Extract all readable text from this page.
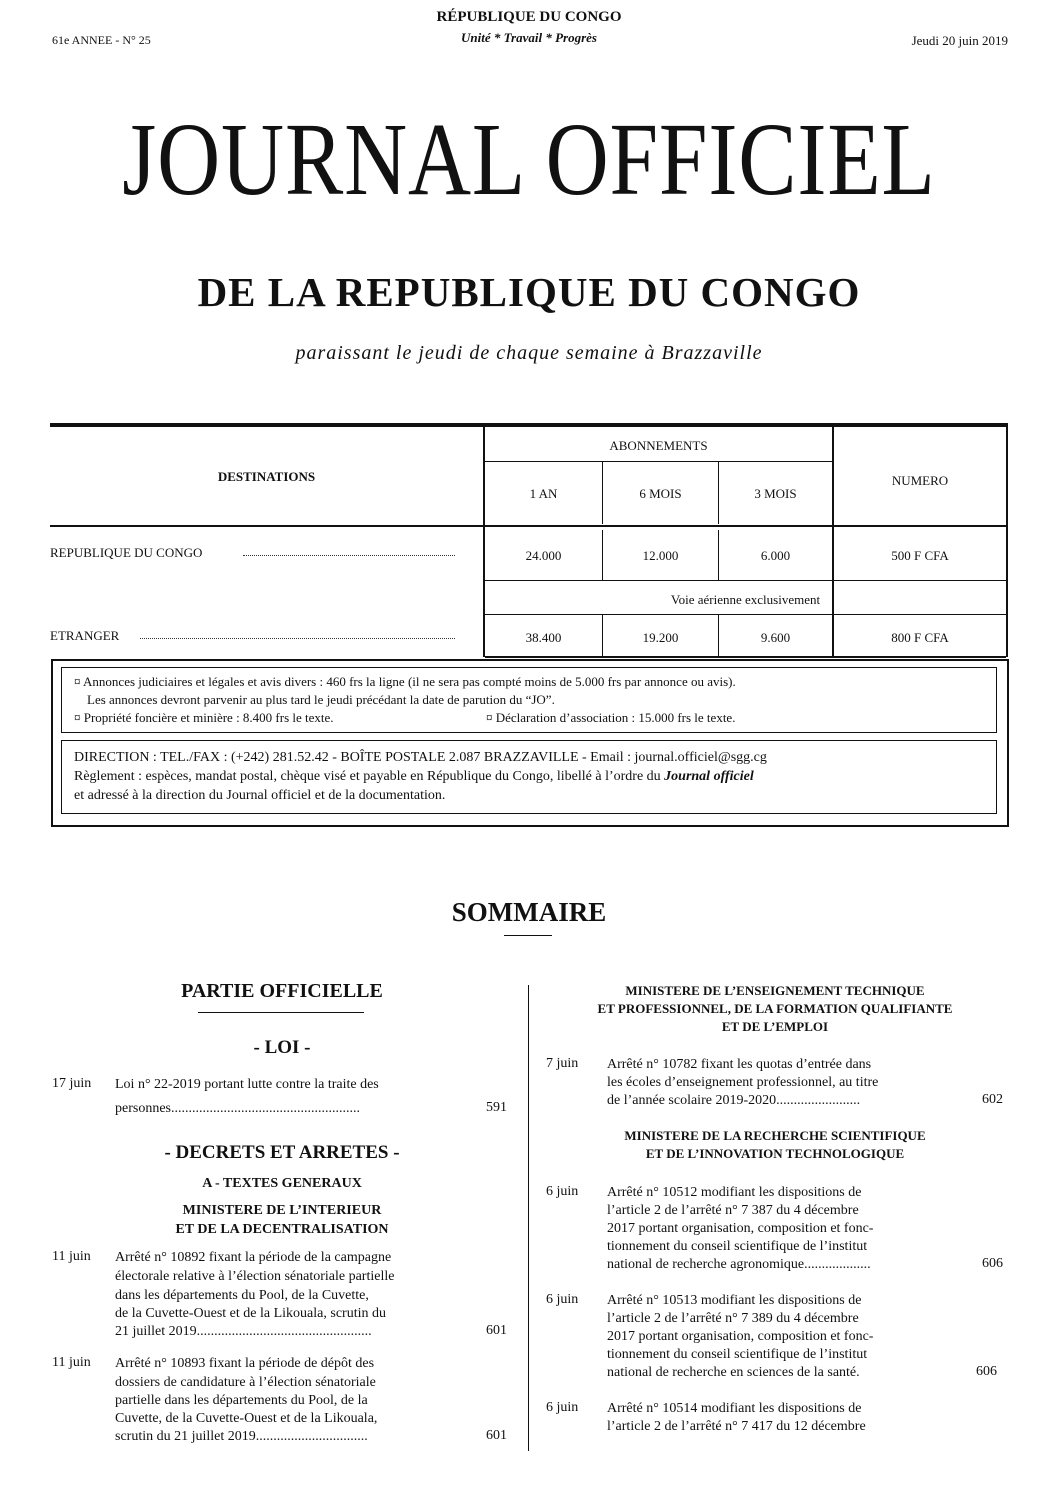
61e ANNEE - N° 25
RÉPUBLIQUE DU CONGO
Unité * Travail * Progrès	Jeudi 20 juin 2019
JOURNAL OFFICIEL
DE LA REPUBLIQUE DU CONGO
paraissant le jeudi de chaque semaine à Brazzaville
DESTINATIONS
ABONNEMENTS
NUMERO
1 AN	6 MOIS	3 MOIS
REPUBLIQUE DU CONGO	24.000	12.000	6.000	500 F CFA
Voie aérienne exclusivement
ETRANGER	38.400	19.200	9.600	800 F CFA
¤ Annonces judiciaires et légales et avis divers : 460 frs la ligne (il ne sera pas compté moins de 5.000 frs par annonce ou avis).
Les annonces devront parvenir au plus tard le jeudi précédant la date de parution du “JO”.
¤ Propriété foncière et minière : 8.400 frs le texte.	¤ Déclaration d’association : 15.000 frs le texte.
DIRECTION : TEL./FAX : (+242) 281.52.42 - BOÎTE POSTALE 2.087 BRAZZAVILLE - Email : journal.officiel@sgg.cg
Règlement : espèces, mandat postal, chèque visé et payable en République du Congo, libellé à l’ordre du Journal officiel
et adressé à la direction du Journal officiel et de la documentation.
SOMMAIRE
PARTIE OFFICIELLE
- LOI -
17 juin Loi n° 22-2019 portant lutte contre la traite des
personnes......................................................	591
- DECRETS ET ARRETES -
A - TEXTES GENERAUX
MINISTERE DE L’INTERIEUR
ET DE LA DECENTRALISATION
11 juin Arrêté n° 10892 fixant la période de la campagne
électorale relative à l’élection sénatoriale partielle
dans les départements du Pool, de la Cuvette,
de la Cuvette-Ouest et de la Likouala, scrutin du
21 juillet 2019..................................................	601
11 juin Arrêté n° 10893 fixant la période de dépôt des
dossiers de candidature à l’élection sénatoriale
partielle dans les départements du Pool, de la
Cuvette, de la Cuvette-Ouest et de la Likouala,
scrutin du 21 juillet 2019................................	601
MINISTERE DE L’ENSEIGNEMENT TECHNIQUE
ET PROFESSIONNEL, DE LA FORMATION QUALIFIANTE
ET DE L’EMPLOI
7 juin Arrêté n° 10782 fixant les quotas d’entrée dans
les écoles d’enseignement professionnel, au titre
de l’année scolaire 2019-2020........................	602
MINISTERE DE LA RECHERCHE SCIENTIFIQUE
ET DE L’INNOVATION TECHNOLOGIQUE
6 juin Arrêté n° 10512 modifiant les dispositions de
l’article 2 de l’arrêté n° 7 387 du 4 décembre
2017 portant organisation, composition et fonc-
tionnement du conseil scientifique de l’institut
national de recherche agronomique...................	606
6 juin Arrêté n° 10513 modifiant les dispositions de
l’article 2 de l’arrêté n° 7 389 du 4 décembre
2017 portant organisation, composition et fonc-
tionnement du conseil scientifique de l’institut
national de recherche en sciences de la santé.	606
6 juin Arrêté n° 10514 modifiant les dispositions de
l’article 2 de l’arrêté n° 7 417 du 12 décembre
